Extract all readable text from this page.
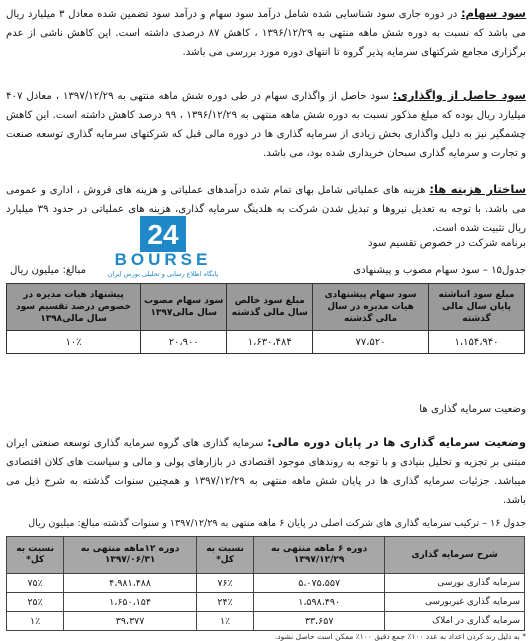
سود سهام: در دوره جاری سود شناسایی شده شامل درآمد سود سهام و درآمد سود تضمین شده معادل ۳ میلیارد ریال می باشد که نسبت به دوره شش ماهه منتهی به ۱۳۹۶/۱۲/۲۹ ، کاهش ۸۷ درصدی داشته است. این کاهش ناشی از عدم برگزاری مجامع شرکتهای سرمایه پذیر گروه تا انتهای دوره مورد بررسی می باشد.

سود حاصل از واگذاری: سود حاصل از واگذاری سهام در طی دوره شش ماهه منتهی به ۱۳۹۷/۱۲/۲۹ ، معادل ۴۰۷ میلیارد ریال بوده که مبلغ مذکور نسبت به دوره شش ماهه منتهی به ۱۳۹۶/۱۲/۲۹ ، ۹۹ درصد کاهش داشته است. این کاهش چشمگیر نیز به دلیل واگذاری بخش زیادی از سرمایه گذاری ها در دوره مالی قبل که شرکتهای سرمایه گذاری توسعه صنعت و تجارت و سرمایه گذاری سبحان خریداری شده بود، می باشد.

ساختار هزینه ها: هزینه های عملیاتی شامل بهای تمام شده درآمدهای عملیاتی و هزینه های فروش ، اداری و عمومی می باشد. با توجه به تعدیل نیروها و تبدیل شدن شرکت به هلدینگ سرمایه گذاری، هزینه های عملیاتی در حدود ۳۹ میلیارد ریال تثبیت شده است.

برنامه شرکت در خصوص تقسیم سود

جدول۱۵ – سود سهام مصوب و پیشنهادی

مبالغ: میلیون ریال

24
BOURSE
پایگاه اطلاع رسانی و تحلیلی بورس ایران
مبلغ سود انباشته پایان سال مالی گذشته	سود سهام پیشنهادی هیات مدیره در سال مالی گذشته	مبلغ سود خالص سال مالی گذشته	سود سهام مصوب سال مالی۱۳۹۷	پیشنهاد هیات مدیره در خصوص درصد تقسیم سود سال مالی۱۳۹۸
۱،۱۵۴،۹۴۰	۷۷،۵۲۰	۱،۶۳۰،۴۸۴	۲۰،۹۰۰	۱۰٪

وضعیت سرمایه گذاری ها

وضعیت سرمایه گذاری ها در پایان دوره مالی: سرمایه گذاری های گروه سرمایه گذاری توسعه صنعتی ایران مبتنی بر تجزیه و تحلیل بنیادی و با توجه به روندهای موجود اقتصادی در بازارهای پولی و مالی و سیاست های کلان اقتصادی میباشد. جزئیات سرمایه گذاری ها در پایان شش ماهه منتهی به ۱۳۹۷/۱۲/۲۹ و همچنین سنوات گذشته به شرح ذیل می باشد.

جدول ۱۶ – ترکیب سرمایه گذاری های شرکت اصلی در پایان ۶ ماهه منتهی به ۱۳۹۷/۱۲/۲۹ و سنوات گذشته مبالغ: میلیون ریال

شرح سرمایه گذاری	دوره ۶ ماهه منتهی به ۱۳۹۷/۱۲/۲۹	نسبت به کل*	دوره ۱۲ماهه منتهی به ۱۳۹۷/۰۶/۳۱	نسبت به کل*
سرمایه گذاری بورسی	۵،۰۷۵،۵۵۷	۷۶٪	۴،۹۸۱،۴۸۸	۷۵٪
سرمایه گذاری غیربورسی	۱،۵۹۸،۴۹۰	۲۴٪	۱،۶۵۰،۱۵۴	۲۵٪
سرمایه گذاری در املاک	۳۳،۶۵۷	۱٪	۳۹،۳۷۷	۱٪

* به دلیل رند کردن اعداد به عدد ۱۰۰٪ جمع دقیق ۱۰۰٪ ممکن است حاصل نشود.
